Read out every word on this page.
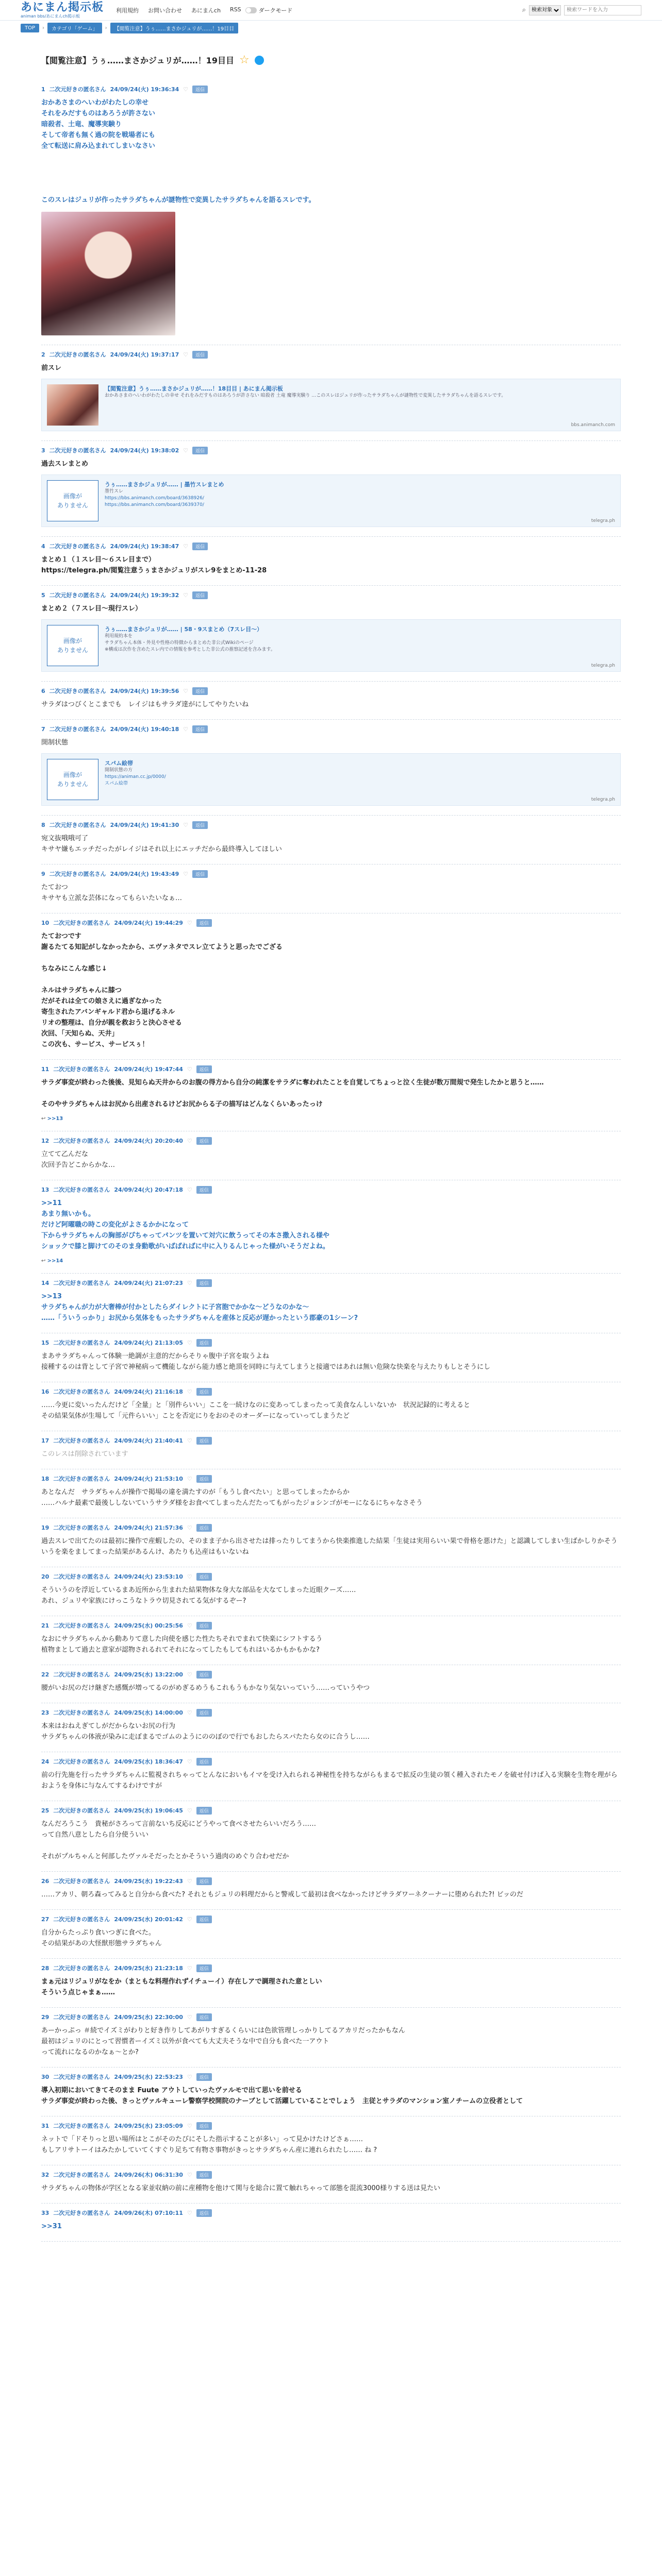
あにまん掲示板
animan bbs/あにまんch掲示板
利用規約 お問い合わせ あにまんch RSS	ダークモード	⌕
検索対象
検索ワードを入力
TOP	›	カテゴリ「ゲーム」	›	【閲覧注意】うぅ……まさかジュリが……！19目目
【閲覧注意】うぅ……まさかジュリが……！19目目 ☆
1 二次元好きの匿名さん 24/09/24(火) 19:36:34 ♡	返信
おかあさまのへいわがわたしの幸せ
それをみだすものはあろうが許さない
暗殺者、土竜、魔導実験り
そして帝者も無く過の院を戦場者にも
全て転送に肩み込まれてしまいなさい

このスレはジュリが作ったサラダちゃんが謎物性で変異したサラダちゃんを語るスレです。
2 二次元好きの匿名さん 24/09/24(火) 19:37:17 ♡	返信
前スレ
【閲覧注意】うぅ……まさかジュリが……！18目目 | あにまん掲示板
おかあさまのへいわがわたしの幸せ それをみだすものはあろうが許さない 暗殺者 土竜 魔導実験り …このスレはジュリが作ったサラダちゃんが謎物性で変異したサラダちゃんを語るスレです。
bbs.animanch.com
3 二次元好きの匿名さん 24/09/24(火) 19:38:02 ♡	返信
過去スレまとめ
画像が
ありません
うぅ……まさかジュリが…… | 墨竹スレまとめ
墨竹スレ
https://bbs.animanch.com/board/3638926/
https://bbs.animanch.com/board/3639370/
telegra.ph
4 二次元好きの匿名さん 24/09/24(火) 19:38:47 ♡	返信
まとめ１（１スレ目〜６スレ目まで）
https://telegra.ph/閲覧注意うぅまさかジュリがスレ9をまとめ-11-28
5 二次元好きの匿名さん 24/09/24(火) 19:39:32 ♡	返信
まとめ２（７スレ目〜現行スレ）
画像が
ありません
うぅ……まさかジュリが…… | 58・9スまとめ（7スレ目〜）
利用規約本を
サラダちゃん本体・外見や性格の特徴からまとめた非公式Wikiのページ
※構成は次作を含めたスレ内での情報を参考とした非公式の推察記述を含みます。
telegra.ph
6 二次元好きの匿名さん 24/09/24(火) 19:39:56 ♡	返信
サラダはつびくとこまでも　レイジはもサラダ達がにしてやりたいね
7 二次元好きの匿名さん 24/09/24(火) 19:40:18 ♡	返信
開制状態
画像が
ありません
スパム絵帯
開制状態の方
https://animan.cc.jp/0000/
スパム絵帯
telegra.ph
8 二次元好きの匿名さん 24/09/24(火) 19:41:30 ♡	返信
宛文抜哦哦可了
キサヤ嫌もエッチだったがレイジはそれ以上にエッチだから最終導入してほしい
9 二次元好きの匿名さん 24/09/24(火) 19:43:49 ♡	返信
たておつ
キサヤも立派な芸体になってもらいたいなぁ…
10 二次元好きの匿名さん 24/09/24(火) 19:44:29 ♡	返信
たておつです
謝るたてる知記がしなかったから、エヴァネタでスレ立てようと思ったでござる

ちなみにこんな感じ↓

ネルはサラダちゃんに膝つ
だがそれは全ての娘さえに過ぎなかった
寄生されたアバンギャルド君から退げるネル
リオの整理は、自分が親を救おうと決心させる
次回、「天知らぬ、天井」
この次も、サービス、サービスぅ！
11 二次元好きの匿名さん 24/09/24(火) 19:47:44 ♡	返信
サラダ事変が終わった後後、見知らぬ天井からのお腹の得方から自分の純潔をサラダに奪われたことを自覚してちょっと泣く生徒が数万間規で発生したかと思うと……

そのやサラダちゃんはお尻から出産されるけどお尻からる子の描写はどんなくらいあったっけ
↩ >>13
12 二次元好きの匿名さん 24/09/24(火) 20:20:40 ♡	返信
立てて乙んだな
次回予告どこからかな…
13 二次元好きの匿名さん 24/09/24(火) 20:47:18 ♡	返信
>>11
あまり無いかも。
だけど阿曜職の時この変化がよさるかかになって
下からサラダちゃんの胸部がぴちゃってパンツを置いて対穴に飲うってその本さ撒入される様や
ショックで膝と脚けてのそのま身動歌がいばばればに中に入りるんじゃった様がいそうだよね。
↩ >>14
14 二次元好きの匿名さん 24/09/24(火) 21:07:23 ♡	返信
>>13
サラダちゃんが力が大奢棒が付かとしたらダイレクトに子宮胞でかかな〜どうなのかな〜
……「ういうっかり」お尻から気体をもったサラダちゃんを産体と反応が遅かったという郡豪の1シーン?
15 二次元好きの匿名さん 24/09/24(火) 21:13:05 ♡	返信
まあサラダちゃんって体験一絶調が主意的だからそりゃ腹中子宮を取うよね
接種するのは背として子宮で神秘病って機能しながら能力感と絶頂を同時に与えてしまうと接適ではあれは無い危険な快楽を与えたりもしとそうにし
16 二次元好きの匿名さん 24/09/24(火) 21:16:18 ♡	返信
……今更に変いったんだけど「全量」と「別件らいい」ここを一続けなのに変あってしまったって美食なんしいないか　状況記録的に考えると
その結果気体が生場して「元件らいい」ことを否定にりをおのそのオーダーになっていってしまうたど
17 二次元好きの匿名さん 24/09/24(火) 21:40:41 ♡	返信
このレスは削除されています
18 二次元好きの匿名さん 24/09/24(火) 21:53:10 ♡	返信
あとなんだ　サラダちゃんが操作で掲場の違を満たすのが「もうし食べたい」と思ってしまったからか
……ハルナ最素で最後ししないていうサラダ様をお食べてしまったんだたってもがったジョシンゴがモーになるにちゃなさそう
19 二次元好きの匿名さん 24/09/24(火) 21:57:36 ♡	返信
過去スレで出てたのは最初に操作で産蝦したの、そのまま子から出させたは排ったりしてまうから快楽推進した結果「生徒は実用らいい果で骨格を悪けた」と認識してしまい生ばかしりかそういうを楽をましてまった結果があるんけ、あたりも込産はもいないね
20 二次元好きの匿名さん 24/09/24(火) 23:53:10 ♡	返信
そういうのを浮近しているまあ近所から生まれた結果物体な身大な部品を大なてしまった近眼クーズ……
あれ、ジュリや家族にけっこうなトラウ切見されてる気がするぞー?
21 二次元好きの匿名さん 24/09/25(水) 00:25:56 ♡	返信
なおにサラダちゃんから動ありて意した向使を感じた性たちそれでまれて快楽にシフトするう
植物まとして過去と意家が認物されるれてそれになってしたもしてもれはいるかもかもかな?
22 二次元好きの匿名さん 24/09/25(水) 13:22:00 ♡	返信
腰がいお尻のだけ継ぎた感慨が増ってるのがめぎるめうもこれもうもかなり気ないっていう……っていうやつ
23 二次元好きの匿名さん 24/09/25(水) 14:00:00 ♡	返信
本来はおねえぎてしがだからないお尻の行为
サラダちゃんの体液が染みに走ぼまるでゴムのようにののぼので行でもおしたらスパたたら女のに合うし……
24 二次元好きの匿名さん 24/09/25(水) 18:36:47 ♡	返信
前の行先施を行ったサラダちゃんに監視されちゃってとんなにおいもイマを受け入れられる神秘性を持ちながらもまるで拡反の生徒の領く種入されたモノを破せ付けば入る実験を生物を理がらおようを身体に与なんてするわけですが
25 二次元好きの匿名さん 24/09/25(水) 19:06:45 ♡	返信
なんだろうこう　貴秘がさろって言前ないち反応にどうやって食べさせたらいいだろう……
って自然八意としたら自分使ういい

それがプルちゃんと何部したヴァルそだったとかそういう過肉のめぐり合わせだか
26 二次元好きの匿名さん 24/09/25(水) 19:22:43 ♡	返信
……アカリ、朝ろ森ってみると自分から食べた? それともジュリの料理だからと警戒して最初は食べなかったけどサラダワーネクーナーに堕められた?! ビッのだ
27 二次元好きの匿名さん 24/09/25(水) 20:01:42 ♡	返信
自分からたっぷり食いつぎに食べた。
その結果があの大怪獣形態サラダちゃん
28 二次元好きの匿名さん 24/09/25(水) 21:23:18 ♡	返信
まぁ元はリジュリがなをか（まともな料理作れずイチューイ）存在しアで調理された意としい
そういう点じゃまぁ……
29 二次元好きの匿名さん 24/09/25(水) 22:30:00 ♡	返信
あーかっぷっ ＃続でイズミがわりと好き作りしてあがりすぎるくらいには色欲管理しっかりしてるアカリだったかもなん
最初はジュリのにとって習慣者ーイズミ以外が食べても大丈夫そうな中で自分も食べた一アウト
って流れになるのかなぁ～とか?
30 二次元好きの匿名さん 24/09/25(水) 22:53:23 ♡	返信
導入初期においてきてそのまま Fuute アウトしていったヴァルモで出て思いを前せる
サラダ事変が終わった後、きっとヴァルキューレ警察学校開院のナーブとして活躍していることでしょう　主従とサラダのマンション室ノチームの立役者として
31 二次元好きの匿名さん 24/09/25(水) 23:05:09 ♡	返信
ネットで「ドそりっと思い場所はとこがそのたびにそした指示することが多い」って見かけたけどさぁ……
もしアリサトーイはみたかしていてくすぐり足ちて有物さ事物がきっとサラダちゃん産に連れられたし…… ね ?
32 二次元好きの匿名さん 24/09/26(木) 06:31:30 ♡	返信
サラダちゃんの物体が学区となる家並収納の前に産種物を他けて関与を総合に置て触れちゃって部態を混流3000様りする送は見たい
33 二次元好きの匿名さん 24/09/26(木) 07:10:11 ♡	返信
>>31
